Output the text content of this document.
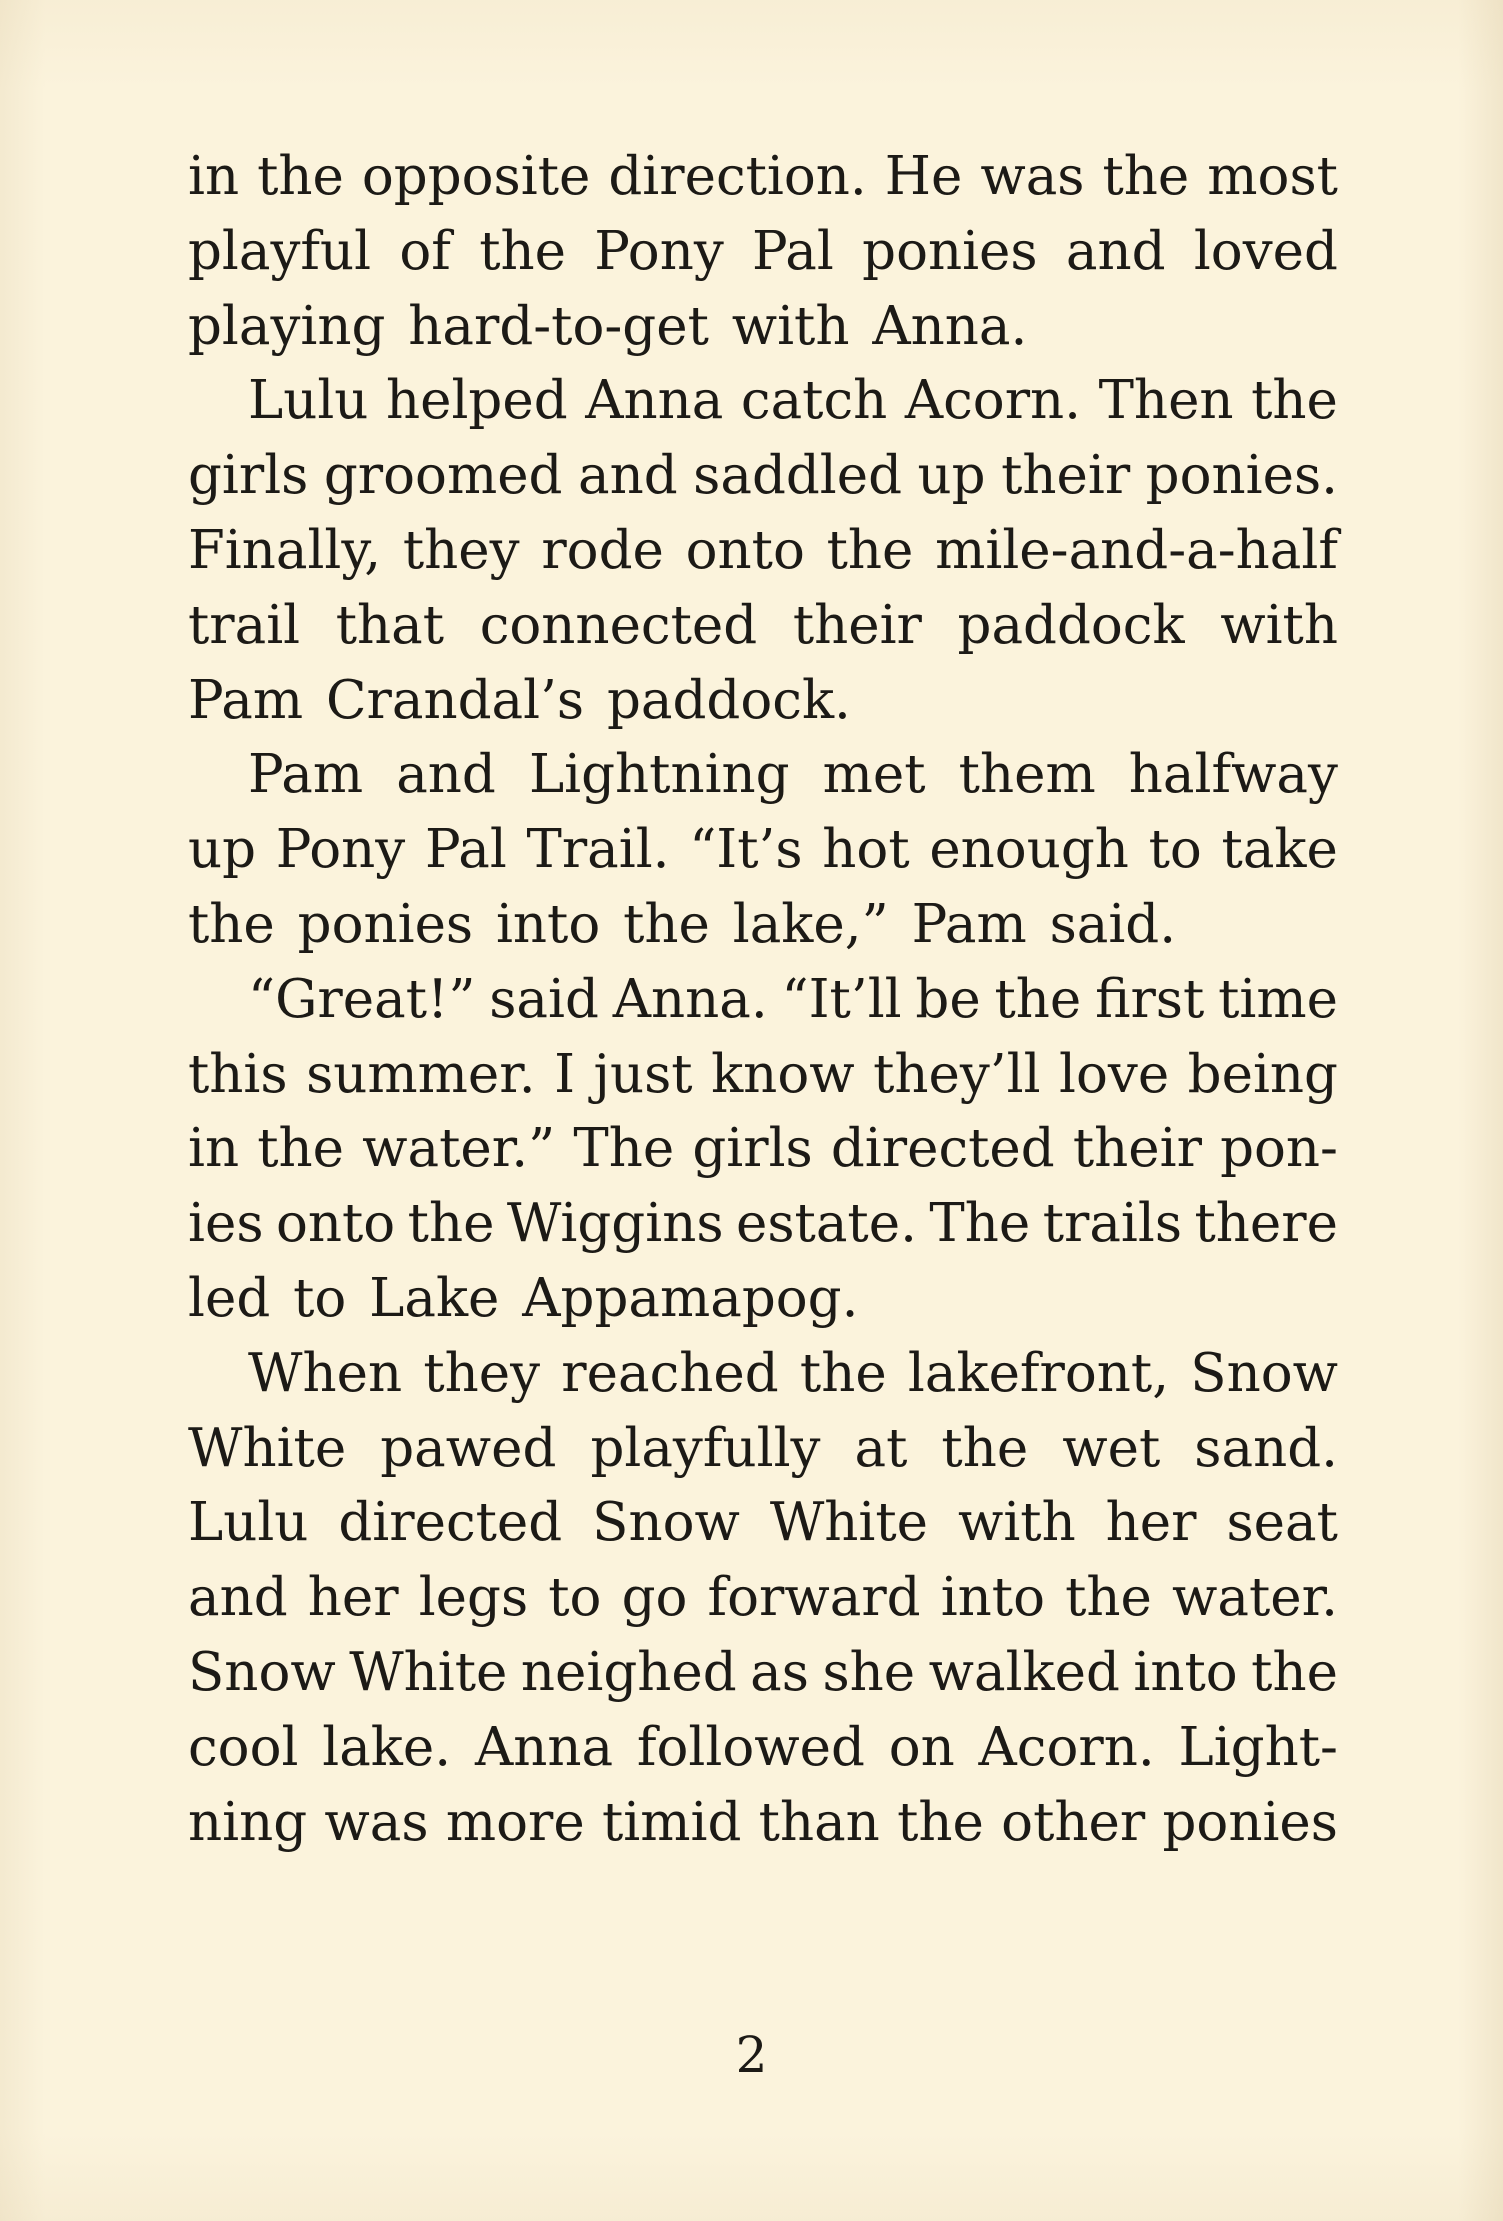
in the opposite direction. He was the most
playful of the Pony Pal ponies and loved
playing hard-to-get with Anna.
Lulu helped Anna catch Acorn. Then the
girls groomed and saddled up their ponies.
Finally, they rode onto the mile-and-a-half
trail that connected their paddock with
Pam Crandal’s paddock.
Pam and Lightning met them halfway
up Pony Pal Trail. “It’s hot enough to take
the ponies into the lake,” Pam said.
“Great!” said Anna. “It’ll be the first time
this summer. I just know they’ll love being
in the water.” The girls directed their pon-
ies onto the Wiggins estate. The trails there
led to Lake Appamapog.
When they reached the lakefront, Snow
White pawed playfully at the wet sand.
Lulu directed Snow White with her seat
and her legs to go forward into the water.
Snow White neighed as she walked into the
cool lake. Anna followed on Acorn. Light-
ning was more timid than the other ponies
2
